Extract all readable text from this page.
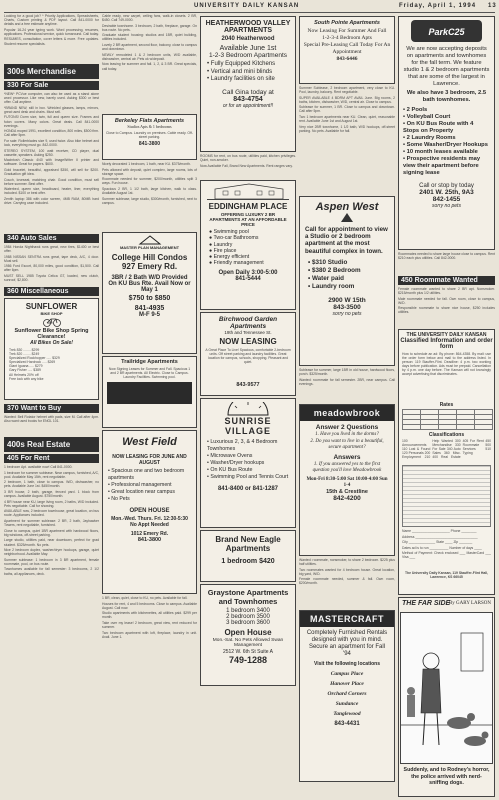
UNIVERSITY DAILY KANSAN	Friday, April 1, 1994 13

Looking for a good job? * Priority Applications, Spreadsheets, Charts, Custom printing & PDF layout. Call 841-0000 for details and a free estimate anytime.

Popular 16-24 year typing work. Word processing, resumes, applications. Professional service, quick turnaround. Call today.

RESUMES, consultation, cover letters & more. Free updates. Student resume specialists.

300s Merchandise
330 For Sale

*NEW* PCVue computer, can also be used as a stand alone word processor. Like new, barely used. Asking $300 or best offer. Call anytime.

*BRAND NEW, still in box. Wrinkled glasses, lamps, mirrors, great used desk and chairs. Must sell.

FUTONS! Dorm size, twin, full and queen size. Frames and futon covers. Many colors. Great deals. Call 841-0000 evenings.

HONDA moped 1991, excellent condition, 800 miles, $500 firm. Call after 5pm.

For sale: Rollerblades size 9, used twice. Also bike helmet and lock, everything must go. 842-0000.

STEREO SYSTEM, 100 watt receiver, CD player, dual cassette, speakers. Asking $250.

Macintosh Classic 4/40 with ImageWriter II printer and software. Great for papers. $600.

Gold bracelet, beautiful, appraised $350, will sell for $200. Graduation gift idea.

Couch, loveseat, matching chair. Good condition, must sell before summer. Best offer.

Waterbed, queen size, headboard, heater, liner, everything included. $100 or best offer.

Zenith laptop 386 with color screen, 4MB RAM, 80MB hard drive. Carrying case included.

340 Auto Sales

1984 Honda Nighthawk runs great, new tires, $1400 or best offer.

1988 NISSAN SENTRA runs great, tape deck, A/C, 4 door. Must sell.

1986 Ford Escort, 80,000 miles, good condition, $1,500. Call after 6pm.

MUST SELL 1985 Toyota Celica GT, loaded, new clutch, sunroof, $2,800.

360 Miscellaneous
SUNFLOWER
BIKE SHOP
Sunflower Bike Shop Spring Clearance!
All Bikes On Sale!

Trek 830 ........ $299
Trek 820 ........ $249
Specialized Rockhopper ..... $329
Specialized Hardrock ..... $269
Giant Iguana ..... $279
Gary Fisher ..... $389
All Helmets 20% off
Free lock with any bike

370 Want to Buy

Wanted: Bell Rotator helmet with pads, size M. Call after 4pm. Also want used books for ENGL 101.

400s Real Estate
405 For Rent

1 bedroom Apt. available now! Call 841-0000.

1 bedroom for summer sublease. Near campus, furnished, A/C, pool. Available May 15th, rent negotiable.

2 bedroom, 1 bath, close to campus. W/D, dishwasher, no pets. Available June 1st. $450/month.

3 BR house, 2 bath, garage, fenced yard. 1 block from campus. Available August. $750/month.

4 BR house near KU, large living room, 2 baths, W/D included. Pets negotiable. Call for showing.

AVAILABLE now, 2 bedroom townhouse, great location, on bus route. Appliances included.

Apartment for summer sublease: 2 BR, 2 bath, Jayhawker Towers, rent negotiable, furnished.

Close to campus, quiet 1BR apartment with hardwood floors, big windows, off-street parking.

Large studio, utilities paid, near downtown, perfect for grad student. $325/month. No pets.

Nice 2 bedroom duplex, washer/dryer hookups, garage, quiet neighborhood. Available May.

Summer sublease: 1 bedroom in 3 BR apartment, female roommate, pool, on bus route.

Townhomes available for fall semester: 3 bedrooms, 2 1/2 baths, all appliances, deck.

Cable ready, new carpet, ceiling fans, walk-in closets. 2 BR, $450. Call 749-0000.

Desirable townhome. 3 bedroom, 2 bath, fireplace, garage. On bus route. No pets.

Graduate student housing: studios and 1BR, quiet building, utilities included.

Lovely 2 BR apartment, second floor, balcony, close to campus and downtown.

NEWLY remodeled 1 & 2 bedroom units, W/D available, dishwasher, central air. Pets ok w/deposit.

Now leasing for summer and fall. 1, 2, & 3 BR. Great specials, call today.

Berkeley Flats Apartments
Studios Apts & 1 bedrooms
Close to Campus. Laundry on premises. Cable ready. Off-street parking.
841-3800

Nicely decorated 1 bedroom, 1 bath, near KU. $375/month.

Pets allowed with deposit, quiet complex, large rooms, lots of storage space.

Roommate needed for summer, $200/month, utilities split 3 ways. Fun house.

Spacious 2 BR, 1 1/2 bath, large kitchen, walk to class. Available August 1st.

Summer sublease, large studio, $300/month, furnished, next to campus.

MASTER PLAN MANAGEMENT
College Hill Condos
927 Emery Rd.
3BR / 2 Bath W/D Provided On KU Bus Rte. Avail Now or May 1
$750 to $850
841-4935
M-F 9-5
Trailridge Apartments
Now Signing Leases for Summer and Fall. Spacious 1 and 2 BR apartments. All Electric. Close to Campus. Laundry Facilities. Swimming pool.
West Field
NOW LEASING FOR JUNE AND AUGUST
• Spacious one and two bedroom apartments
• Professional management
• Great location near campus
• No Pets
OPEN HOUSE
Mon.-Wed. Thurs. Fri. 12:30-5:30 No Appt Needed
1012 Emery Rd.
841-3800

1 BR, clean, quiet, close to KU, no pets. Available for fall.

Houses for rent, 4 and 5 bedrooms. Close to campus. Available August. Call now.

Studio apartments with kitchenettes, all utilities paid. $299 per month.

Take over my lease! 2 bedroom, great view, rent reduced for summer.

Two bedroom apartment with loft, fireplace, laundry in unit. Avail. June 1.

HEATHERWOOD VALLEY APARTMENTS
2040 Heatherwood
Available June 1st
1-2-3 Bedroom Apartments
• Fully Equipped Kitchens
• Vertical and mini blinds
• Laundry facilities on site
Call Gina today at
843-4754
or for an appointment!!

ROOMS for rent, on bus route, utilities paid, kitchen privileges. Quiet, non-smoker.

Now Available Fall, Brand New Apartments. Rent ranges vary.

EDDINGHAM PLACE
OFFERING LUXURY 2 BR APARTMENTS AT AN AFFORDABLE PRICE
● Swimming pool
● Two-car Bathrooms
● Laundry
● Fire place
● Energy efficient
● Friendly management
Open Daily 3:00-5:00
841-5444
Birchwood Garden Apartments
19th and Tennessee St.
NOW LEASING
A Great Place To Live! Spacious, comfortable 2-bedroom units. Off street parking and laundry facilities. Great location for campus, schools, shopping. Pleasant and quiet.
843-9577
SUNRISE
VILLAGE
• Luxurious 2, 3, & 4 Bedroom Townhomes
• Microwave Ovens
• Washer/Dryer hookups
• On KU Bus Route
• Swimming Pool and Tennis Court
841-8400 or 841-1287
Brand New Eagle Apartments
1 bedroom $420
Graystone Apartments and Townhomes
1 bedroom 3400
2 bedroom 3500
3 bedroom 3600
Open House
Mon.-Sat. No Pets Allowed Swan Management
2512 W. 6th St Suite A
749-1288
South Pointe Apartments
Now Leasing For Summer And Fall
1-2-3-4 Bedroom Apts
Special Pre-Leasing Call Today For An Appointment
843-6446

Summer Sublease, 2 bedroom apartment, very close to KU. Pool, laundry, balcony. Rent negotiable.

SUPER AVAILABLE 4 BDRM APT AVAIL June. Big rooms, 2 baths, kitchen, dishwasher, W/D, central air. Close to campus.

Sublease for summer, 1 BR. Close to campus and downtown. Call after 5pm.

Two 1 bedroom apartments near KU. Clean, quiet, reasonable rent. Available June 1st and August 1st.

Very nice 2BR townhome, 1 1/2 bath, W/D hookups, off-street parking. No pets. Available for fall.

Aspen West
Call for appointment to view a Studio or 2 bedroom apartment at the most beautiful complex in town.
• $310 Studio
• $380 2 Bedroom
• Water paid
• Laundry room
2900 W 15th
843-3500
sorry no pets

Sublease for summer, large 1BR in old house, hardwood floors, porch. $325/month.

Wanted: roommate for fall semester. 2BR, near campus. Call evenings.

meadowbrook
Answer 2 Questions
1. Have you lived in the dorms?
2. Do you want to live in a beautiful, secure apartment?
Answers
1. If you answered yes to the first question you'll love Meadowbrook
Mon-Fri 8:30-5:00 Sat 10:00-4:00 Sun 1-4
15th & Crestline
842-4200

Wanted: roommate, nonsmoker, to share 2 bedroom. $225 plus half utilities.

Two roommates wanted for 4 bedroom house. Great location, big yard, W/D.

Female roommate needed, summer & fall. Own room, $200/month.

MASTERCRAFT
Completely Furnished Rentals designed with you in mind. Secure an apartment for Fall '94
Visit the following locations
Campus Place
Hanover Place
Orchard Corners
Sundance
Tanglewood
843-4431
ParkC25
We are now accepting deposits on apartments and townhomes for the fall term. We feature studio 1 & 2 bedroom apartments that are some of the largest in Lawrence.
We also have 3 bedroom, 2.5 bath townhomes.
• 2 Pools
• Volleyball Court
• On KU Bus Route with 4 Stops on Property
• 2 Laundry Rooms
• Some Washer/Dryer Hookups
• 10 month leases available
• Prospective residents may view their apartment before signing lease
Call or stop by today
2401 W. 25th, 9A3
842-1455
sorry no pets

Roommates needed to share large house close to campus. Rent $210 each plus utilities. Call 842-0000.

450 Roommate Wanted

Female roommate wanted to share 2 BR apt. Nonsmoker. $215/month plus 1/2 utilities.

Male roommate needed for fall. Own room, close to campus, W/D.

Responsible roommate to share nice house, $250 includes utilities.

THE UNIVERSITY DAILY KANSAN
Classified Information and order form

How to schedule an ad: By phone: 864-4358. By mail: use the order form below and mail to the address listed. In person: 119 Stauffer-Flint. Deadline: 4 p.m. two working days before publication. Ads must be prepaid. Cancellation by 4 p.m. one day before. The Kansan will not knowingly accept advertising that discriminates.

Rates

Classifications
100 Announcements 110 Lost & Found 120 Personals 200 Employment 210 Help Wanted 300 Merchandise 330 For Sale 340 Auto Sales 360 Misc. 400 Real Estate 405 For Rent 450 Roommate 500 Services 510 Typing

Name ____________________ Phone ________

Address _________________________________

City ______________ State ____ Zip _______

Dates ad is to run __________ Number of days ____

Method of Payment: Check enclosed ___ MasterCard ___ Visa ___

The University Daily Kansan, 119 Stauffer-Flint Hall, Lawrence, KS 66045
THE FAR SIDE
By GARY LARSON
Suddenly, and to Rodney's horror, the police arrived with nerd-sniffing dogs.
